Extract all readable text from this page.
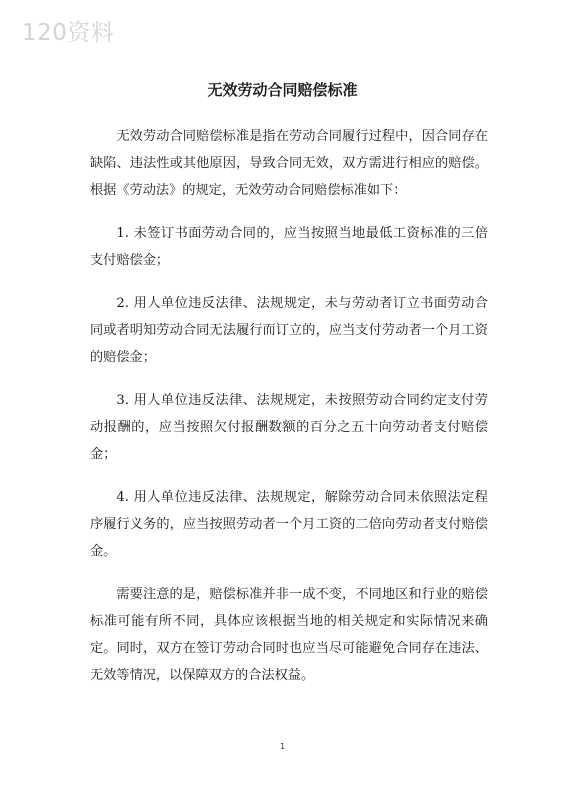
120资料
无效劳动合同赔偿标准

无效劳动合同赔偿标准是指在劳动合同履行过程中，因合同存在缺陷、违法性或其他原因，导致合同无效，双方需进行相应的赔偿。根据《劳动法》的规定，无效劳动合同赔偿标准如下：

1. 未签订书面劳动合同的，应当按照当地最低工资标准的三倍支付赔偿金；

2. 用人单位违反法律、法规规定，未与劳动者订立书面劳动合同或者明知劳动合同无法履行而订立的，应当支付劳动者一个月工资的赔偿金；

3. 用人单位违反法律、法规规定，未按照劳动合同约定支付劳动报酬的，应当按照欠付报酬数额的百分之五十向劳动者支付赔偿金；

4. 用人单位违反法律、法规规定，解除劳动合同未依照法定程序履行义务的，应当按照劳动者一个月工资的二倍向劳动者支付赔偿金。

需要注意的是，赔偿标准并非一成不变，不同地区和行业的赔偿标准可能有所不同，具体应该根据当地的相关规定和实际情况来确定。同时，双方在签订劳动合同时也应当尽可能避免合同存在违法、无效等情况，以保障双方的合法权益。

1
